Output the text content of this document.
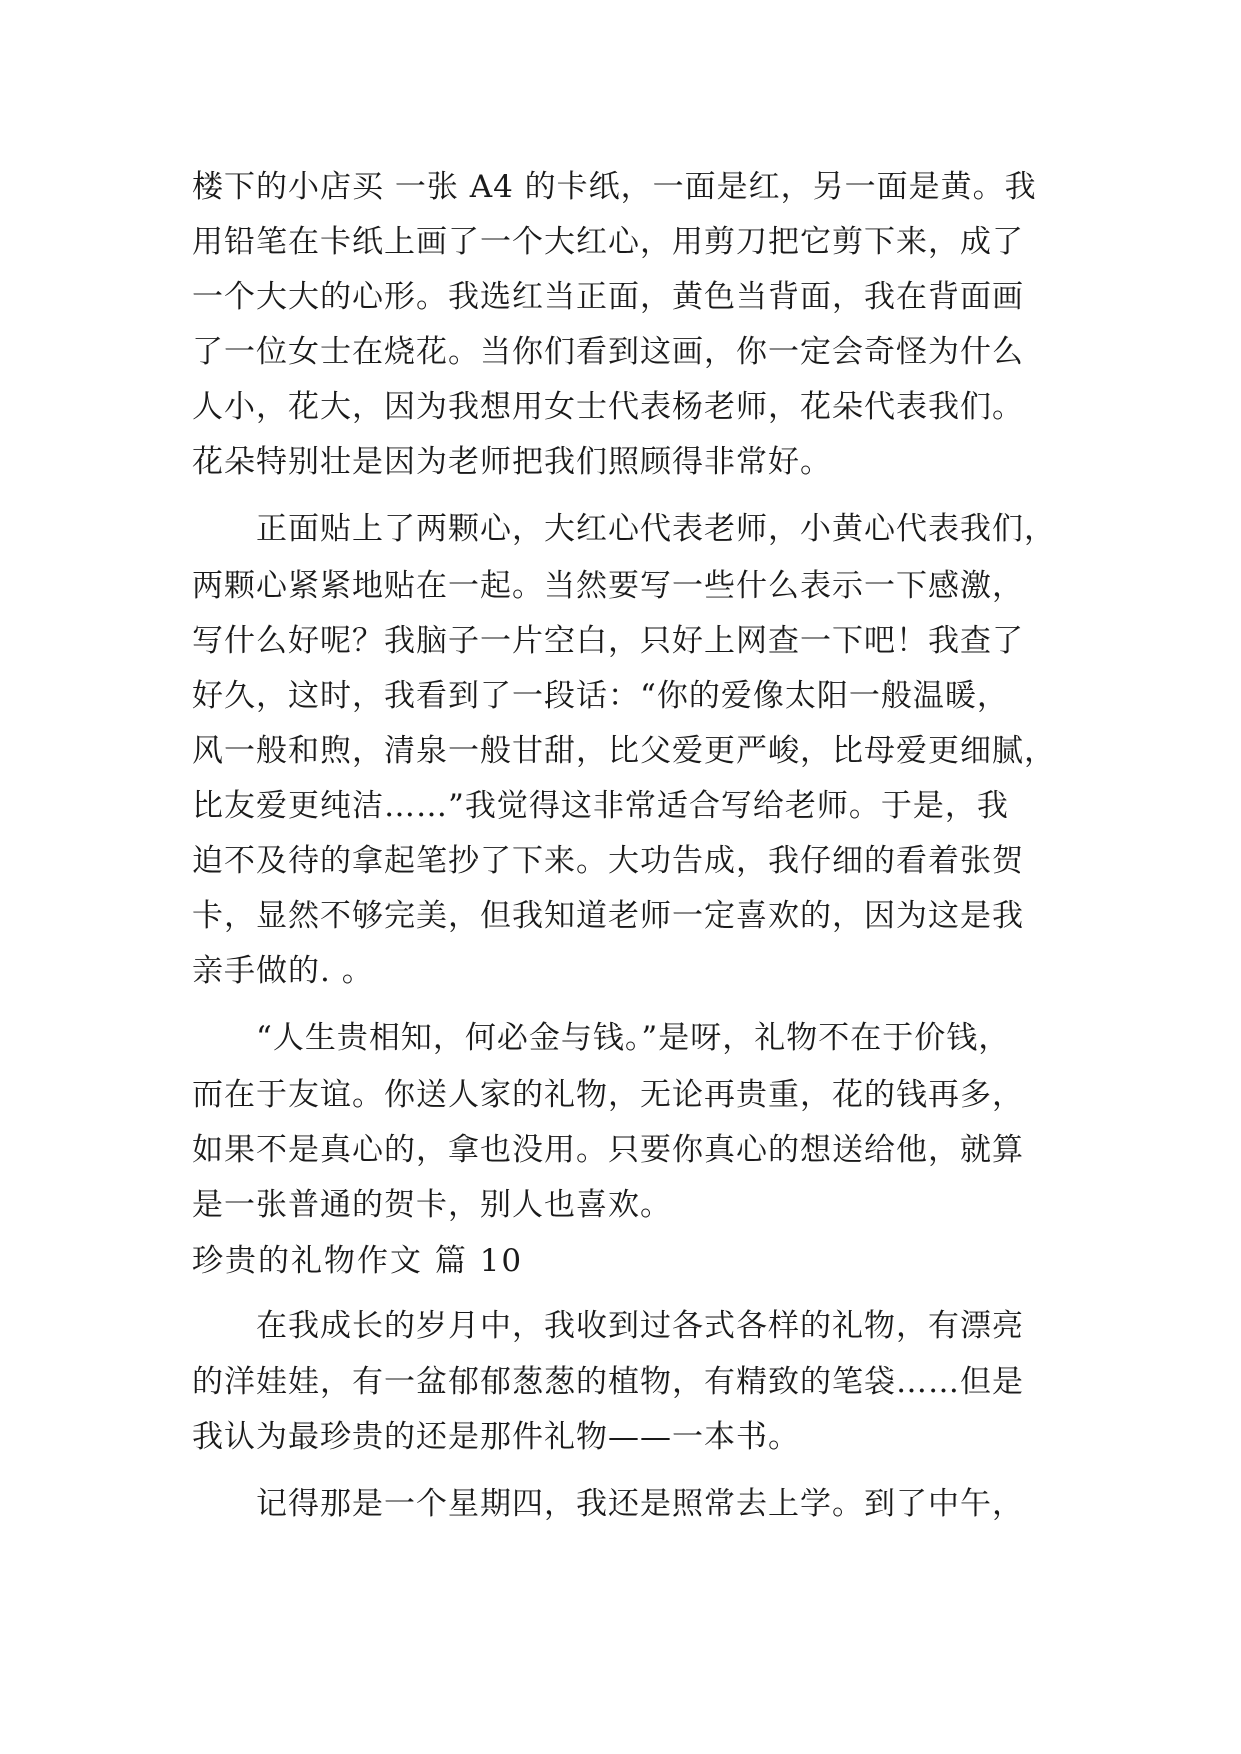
楼下的小店买 一张 A4 的卡纸，一面是红，另一面是黄。我
用铅笔在卡纸上画了一个大红心，用剪刀把它剪下来，成了
一个大大的心形。我选红当正面，黄色当背面，我在背面画
了一位女士在烧花。当你们看到这画，你一定会奇怪为什么
人小，花大，因为我想用女士代表杨老师，花朵代表我们。
花朵特别壮是因为老师把我们照顾得非常好。
正面贴上了两颗心，大红心代表老师，小黄心代表我们，
两颗心紧紧地贴在一起。当然要写一些什么表示一下感激，
写什么好呢？我脑子一片空白，只好上网查一下吧！我查了
好久，这时，我看到了一段话：“你的爱像太阳一般温暖，
风一般和煦，清泉一般甘甜，比父爱更严峻，比母爱更细腻，
比友爱更纯洁……”我觉得这非常适合写给老师。于是，我
迫不及待的拿起笔抄了下来。大功告成，我仔细的看着张贺
卡，显然不够完美，但我知道老师一定喜欢的，因为这是我
亲手做的. 。
“人生贵相知，何必金与钱。”是呀，礼物不在于价钱，
而在于友谊。你送人家的礼物，无论再贵重，花的钱再多，
如果不是真心的，拿也没用。只要你真心的想送给他，就算
是一张普通的贺卡，别人也喜欢。
珍贵的礼物作文 篇 10
在我成长的岁月中，我收到过各式各样的礼物，有漂亮
的洋娃娃，有一盆郁郁葱葱的植物，有精致的笔袋……但是
我认为最珍贵的还是那件礼物——一本书。
记得那是一个星期四，我还是照常去上学。到了中午，
